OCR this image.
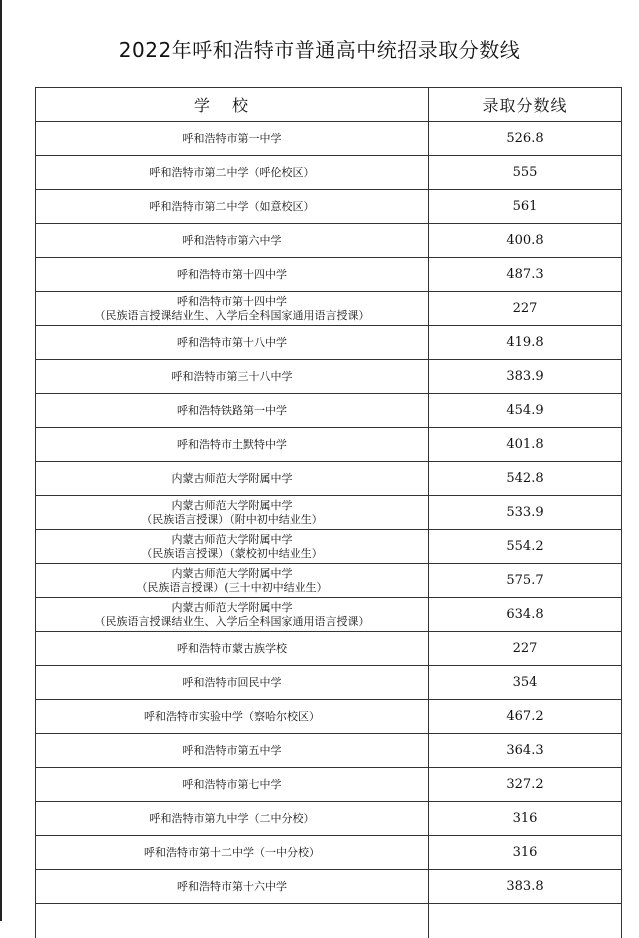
2022年呼和浩特市普通高中统招录取分数线
学校	录取分数线

呼和浩特市第一中学	526.8

呼和浩特市第二中学（呼伦校区）	555

呼和浩特市第二中学（如意校区）	561

呼和浩特市第六中学	400.8

呼和浩特市第十四中学	487.3

呼和浩特市第十四中学
（民族语言授课结业生、入学后全科国家通用语言授课）	227

呼和浩特市第十八中学	419.8

呼和浩特市第三十八中学	383.9

呼和浩特铁路第一中学	454.9

呼和浩特市土默特中学	401.8

内蒙古师范大学附属中学	542.8

内蒙古师范大学附属中学
（民族语言授课）（附中初中结业生）	533.9

内蒙古师范大学附属中学
（民族语言授课）（蒙校初中结业生）	554.2

内蒙古师范大学附属中学
（民族语言授课）(三十中初中结业生）	575.7

内蒙古师范大学附属中学
（民族语言授课结业生、入学后全科国家通用语言授课）	634.8

呼和浩特市蒙古族学校	227

呼和浩特市回民中学	354

呼和浩特市实验中学（察哈尔校区）	467.2

呼和浩特市第五中学	364.3

呼和浩特市第七中学	327.2

呼和浩特市第九中学（二中分校）	316

呼和浩特市第十二中学（一中分校）	316

呼和浩特市第十六中学	383.8
